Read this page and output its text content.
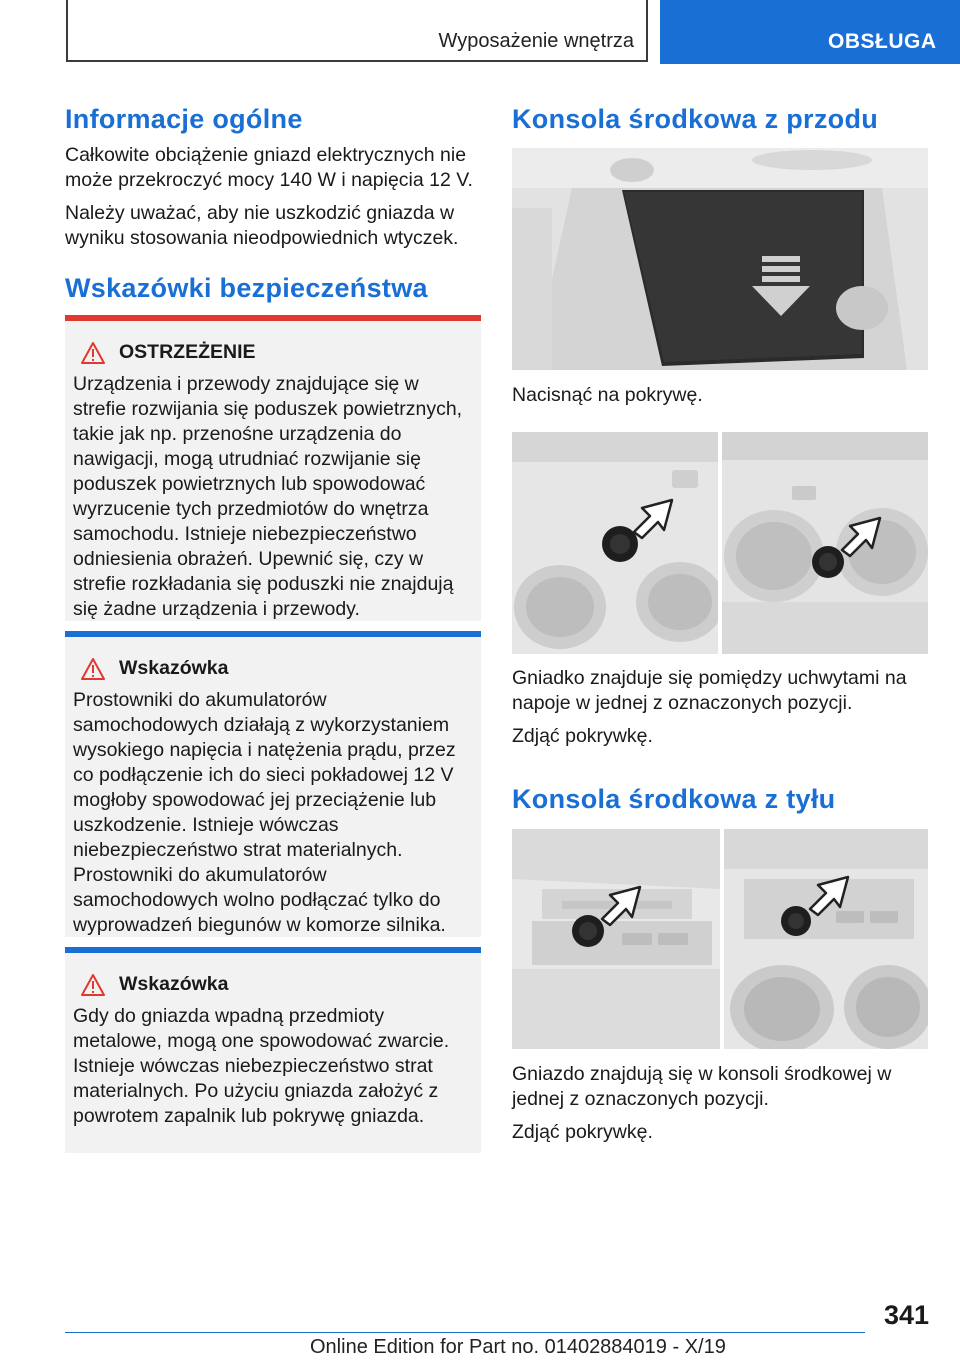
Wyposażenie wnętrza	OBSŁUGA
Informacje ogólne

Całkowite obciążenie gniazd elektrycznych nie może przekroczyć mocy 140 W i napięcia 12 V.

Należy uważać, aby nie uszkodzić gniazda w wyniku stosowania nieodpowiednich wtyczek.

Wskazówki bezpieczeństwa
OSTRZEŻENIE

Urządzenia i przewody znajdujące się w strefie rozwijania się poduszek powietrznych, takie jak np. przenośne urządzenia do nawigacji, mogą utrudniać rozwijanie się poduszek powietrznych lub spowodować wyrzucenie tych przedmiotów do wnętrza samochodu. Istnieje niebezpieczeństwo odniesienia obrażeń. Upewnić się, czy w strefie rozkładania się poduszki nie znajdują się żadne urządzenia i przewody.

Wskazówka

Prostowniki do akumulatorów samochodowych działają z wykorzystaniem wysokiego napięcia i natężenia prądu, przez co podłączenie ich do sieci pokładowej 12 V mogłoby spowodować jej przeciążenie lub uszkodzenie. Istnieje wówczas niebezpieczeństwo strat materialnych. Prostowniki do akumulatorów samochodowych wolno podłączać tylko do wyprowadzeń biegunów w komorze silnika.

Wskazówka

Gdy do gniazda wpadną przedmioty metalowe, mogą one spowodować zwarcie. Istnieje wówczas niebezpieczeństwo strat materialnych. Po użyciu gniazda założyć z powrotem zapalnik lub pokrywę gniazda.

Konsola środkowa z przodu

Nacisnąć na pokrywę.

Gniadko znajduje się pomiędzy uchwytami na napoje w jednej z oznaczonych pozycji.

Zdjąć pokrywkę.

Konsola środkowa z tyłu

Gniazdo znajdują się w konsoli środkowej w jednej z oznaczonych pozycji.

Zdjąć pokrywkę.

341
Online Edition for Part no. 01402884019 - X/19
